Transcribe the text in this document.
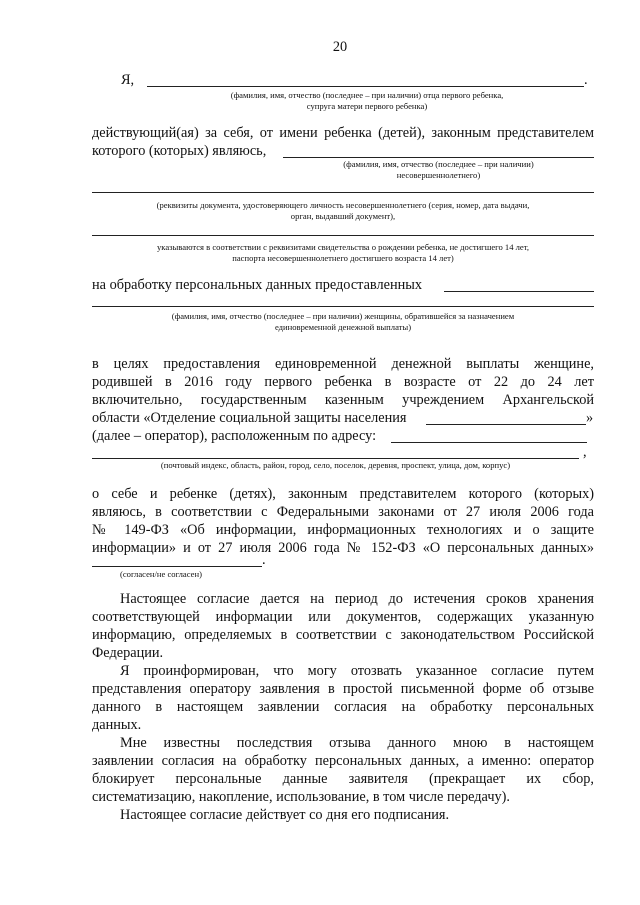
20
Я,	.
(фамилия, имя, отчество (последнее – при наличии) отца первого ребенка,
супруга матери первого ребенка)
действующий(ая) за себя, от имени ребенка (детей), законным представителем
которого (которых) являюсь,
(фамилия, имя, отчество (последнее – при наличии)
несовершеннолетнего)
(реквизиты документа, удостоверяющего личность несовершеннолетнего (серия, номер, дата выдачи,
орган, выдавший документ),
указываются в соответствии с реквизитами свидетельства о рождении ребенка, не достигшего 14 лет,
паспорта несовершеннолетнего достигшего возраста 14 лет)
на обработку персональных данных предоставленных
(фамилия, имя, отчество (последнее – при наличии) женщины, обратившейся за назначением
единовременной денежной выплаты)
в целях предоставления единовременной денежной выплаты женщине,
родившей в 2016 году первого ребенка в возрасте от 22 до 24 лет
включительно, государственным казенным учреждением Архангельской
области «Отделение социальной защиты населения	»
(далее – оператор), расположенным по адресу:
,
(почтовый индекс, область, район, город, село, поселок, деревня, проспект, улица, дом, корпус)
о себе и ребенке (детях), законным представителем которого (которых)
являюсь, в соответствии с Федеральными законами от 27 июля 2006 года
№ 149-ФЗ «Об информации, информационных технологиях и о защите
информации» и от 27 июля 2006 года № 152-ФЗ «О персональных данных»
.
(согласен/не согласен)
Настоящее согласие дается на период до истечения сроков хранения
соответствующей информации или документов, содержащих указанную
информацию, определяемых в соответствии с законодательством Российской
Федерации.
Я проинформирован, что могу отозвать указанное согласие путем
представления оператору заявления в простой письменной форме об отзыве
данного в настоящем заявлении согласия на обработку персональных
данных.
Мне известны последствия отзыва данного мною в настоящем
заявлении согласия на обработку персональных данных, а именно: оператор
блокирует персональные данные заявителя (прекращает их сбор,
систематизацию, накопление, использование, в том числе передачу).
Настоящее согласие действует со дня его подписания.
